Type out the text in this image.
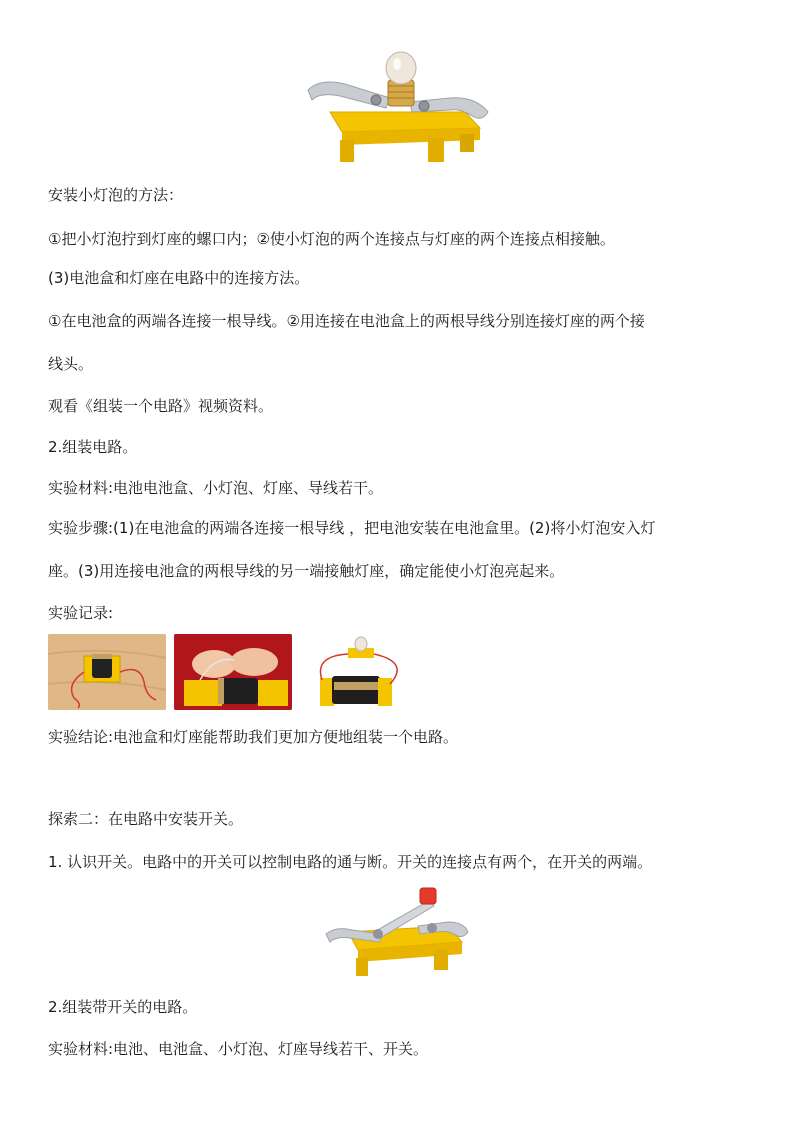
安装小灯泡的方法：

①把小灯泡拧到灯座的螺口内；②使小灯泡的两个连接点与灯座的两个连接点相接触。

(3)电池盒和灯座在电路中的连接方法。

①在电池盒的两端各连接一根导线。②用连接在电池盒上的两根导线分别连接灯座的两个接

线头。

观看《组装一个电路》视频资料。

2.组装电路。

实验材料:电池电池盒、小灯泡、灯座、导线若干。

实验步骤:(1)在电池盒的两端各连接一根导线 ，把电池安装在电池盒里。(2)将小灯泡安入灯

座。(3)用连接电池盒的两根导线的另一端接触灯座，确定能使小灯泡亮起来。

实验记录:

实验结论:电池盒和灯座能帮助我们更加方便地组装一个电路。

探索二：在电路中安装开关。

1. 认识开关。电路中的开关可以控制电路的通与断。开关的连接点有两个，在开关的两端。

2.组装带开关的电路。

实验材料:电池、电池盒、小灯泡、灯座导线若干、开关。
